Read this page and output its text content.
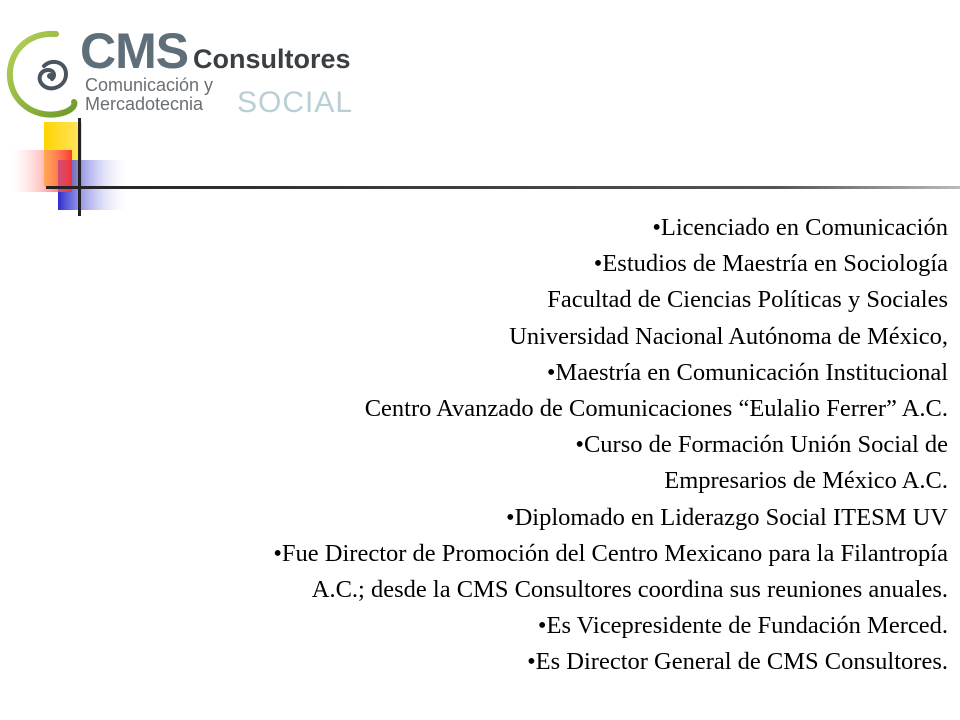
CMS Consultores
Comunicación y
Mercadotecnia SOCIAL
•Licenciado en Comunicación
•Estudios de Maestría en Sociología
Facultad de Ciencias Políticas y Sociales
Universidad Nacional Autónoma de México,
•Maestría en Comunicación Institucional
Centro Avanzado de Comunicaciones “Eulalio Ferrer” A.C.
•Curso de Formación Unión Social de
Empresarios de México A.C.
•Diplomado en Liderazgo Social ITESM UV
•Fue Director de Promoción del Centro Mexicano para la Filantropía
A.C.; desde la CMS Consultores coordina sus reuniones anuales.
•Es Vicepresidente de Fundación Merced.
•Es Director General de CMS Consultores.
